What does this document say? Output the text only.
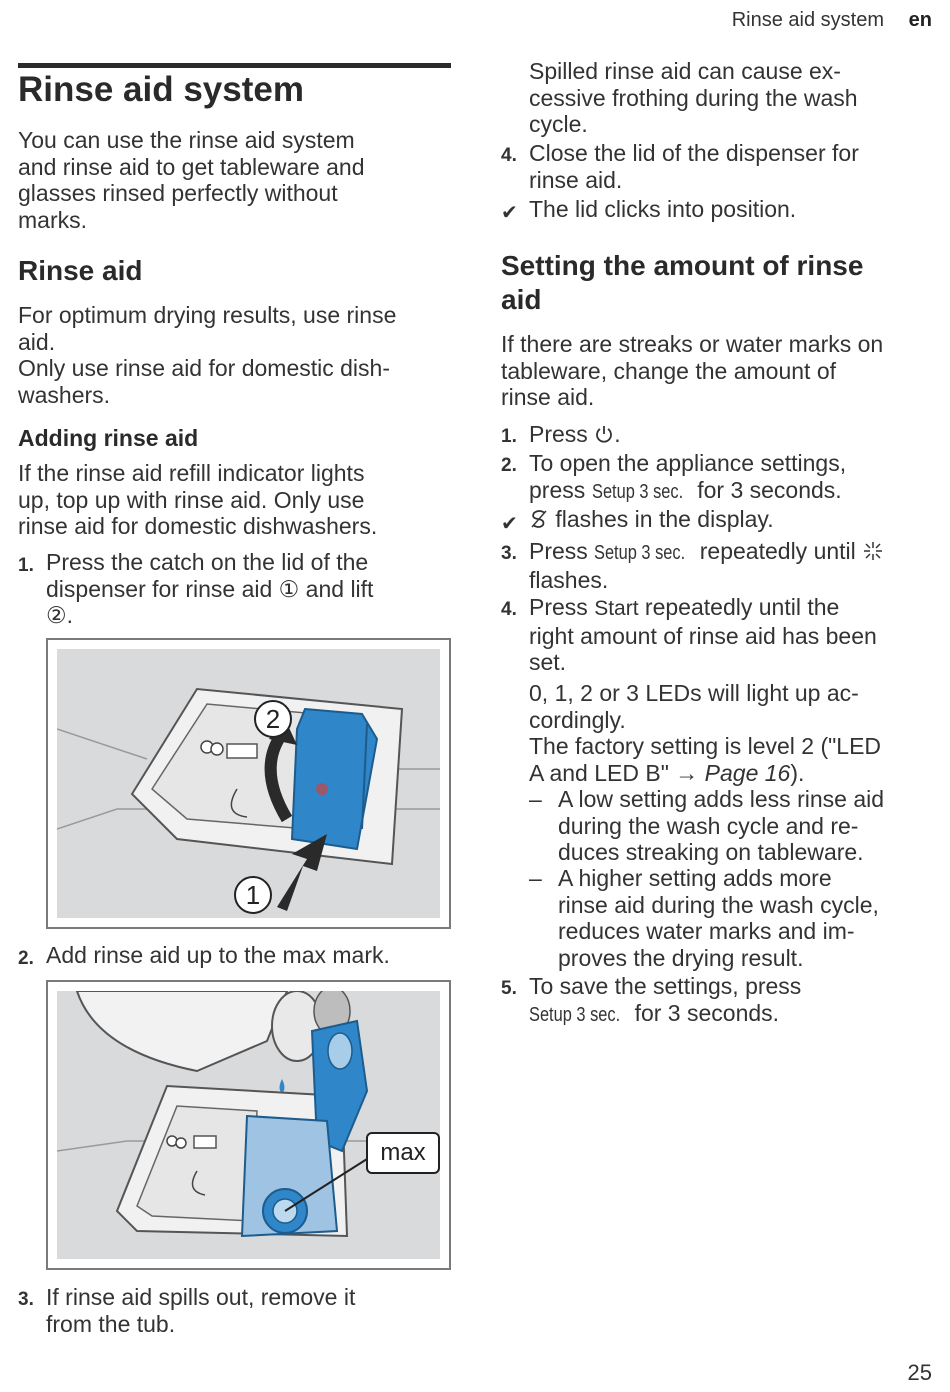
Rinse aid system en
Rinse aid system

You can use the rinse aid system

and rinse aid to get tableware and

glasses rinsed perfectly without

marks.

Rinse aid

For optimum drying results, use rinse

aid.

Only use rinse aid for domestic dish-

washers.

Adding rinse aid

If the rinse aid refill indicator lights

up, top up with rinse aid. Only use

rinse aid for domestic dishwashers.

1. Press the catch on the lid of the

dispenser for rinse aid ① and lift

②.

2
1
2. Add rinse aid up to the max mark.

max
3. If rinse aid spills out, remove it

from the tub.

Spilled rinse aid can cause ex-

cessive frothing during the wash

cycle.

4. Close the lid of the dispenser for

rinse aid.

✔ The lid clicks into position.

Setting the amount of rinse
aid

If there are streaks or water marks on

tableware, change the amount of

rinse aid.

1. Press .
2. To open the appliance settings,

press Setup 3 sec. for 3 seconds.

✔	flashes in the display.
3. Press Setup 3 sec. repeatedly until

flashes.

4. Press Start repeatedly until the

right amount of rinse aid has been

set.

0, 1, 2 or 3 LEDs will light up ac-

cordingly.

The factory setting is level 2 ("LED

A and LED B" → Page 16).

– A low setting adds less rinse aid

during the wash cycle and re-

duces streaking on tableware.

– A higher setting adds more

rinse aid during the wash cycle,

reduces water marks and im-

proves the drying result.

5. To save the settings, press

Setup 3 sec. for 3 seconds.

25
